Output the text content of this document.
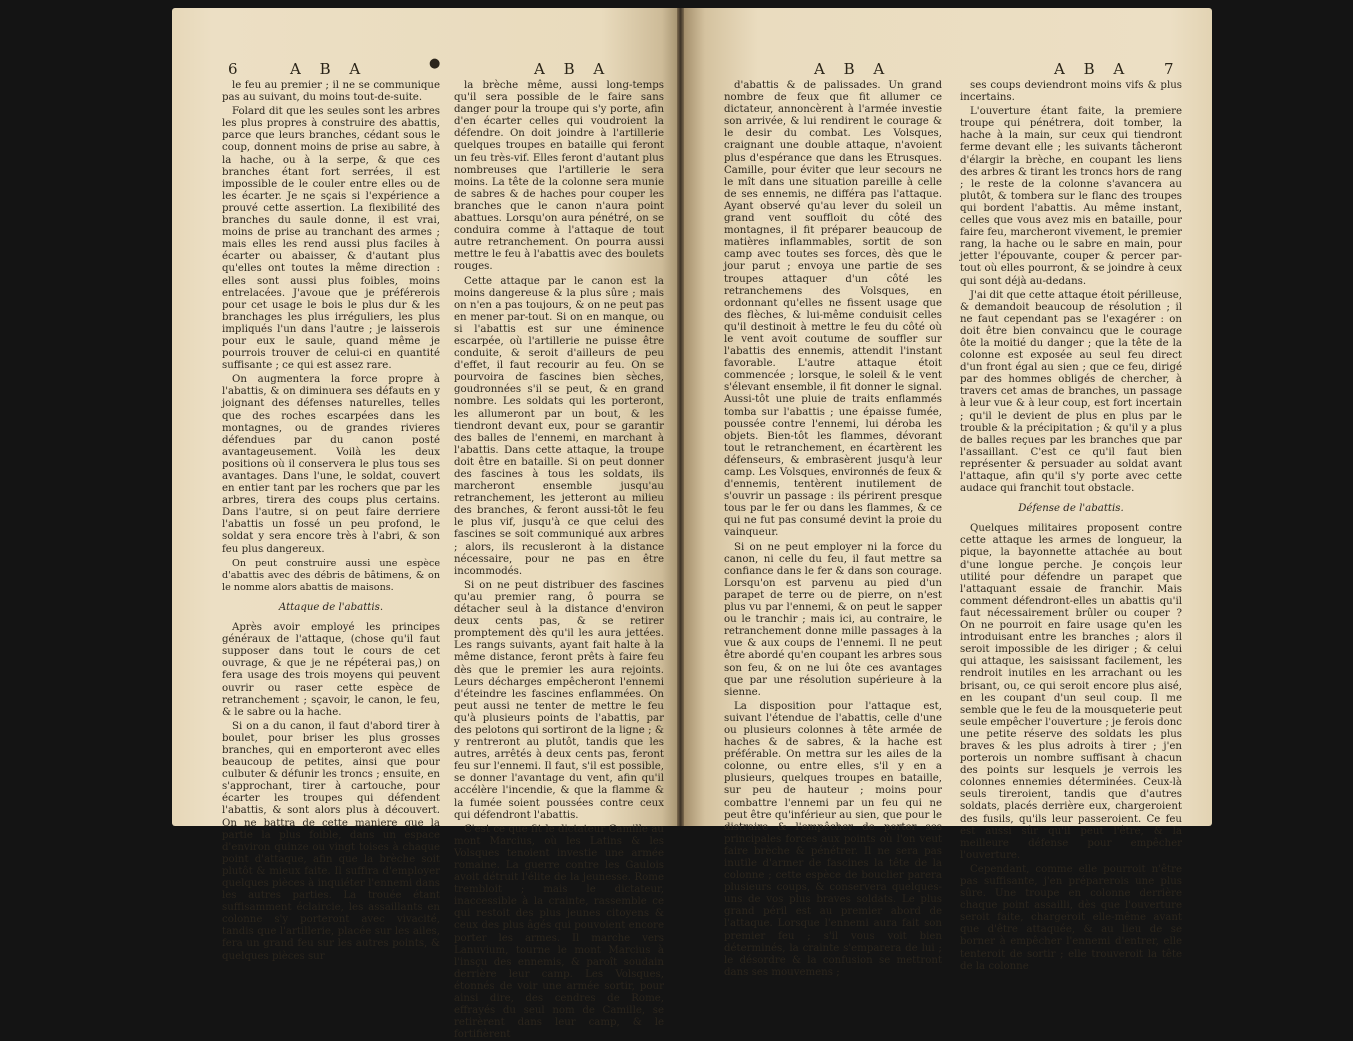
6	A B A	●	A B A

le feu au premier ; il ne se communique pas au suivant, du moins tout-de-suite.

Folard dit que les seules sont les arbres les plus propres à construire des abattis, parce que leurs branches, cédant sous le coup, donnent moins de prise au sabre, à la hache, ou à la serpe, & que ces branches étant fort serrées, il est impossible de le couler entre elles ou de les écarter. Je ne sçais si l'expérience a prouvé cette assertion. La flexibilité des branches du saule donne, il est vrai, moins de prise au tranchant des armes ; mais elles les rend aussi plus faciles à écarter ou abaisser, & d'autant plus qu'elles ont toutes la même direction : elles sont aussi plus foibles, moins entrelacées. J'avoue que je préférerois pour cet usage le bois le plus dur & les branchages les plus irréguliers, les plus impliqués l'un dans l'autre ; je laisserois pour eux le saule, quand même je pourrois trouver de celui-ci en quantité suffisante ; ce qui est assez rare.

On augmentera la force propre à l'abattis, & on diminuera ses défauts en y joignant des défenses naturelles, telles que des roches escarpées dans les montagnes, ou de grandes rivieres défendues par du canon posté avantageusement. Voilà les deux positions où il conservera le plus tous ses avantages. Dans l'une, le soldat, couvert en entier tant par les rochers que par les arbres, tirera des coups plus certains. Dans l'autre, si on peut faire derriere l'abattis un fossé un peu profond, le soldat y sera encore très à l'abri, & son feu plus dangereux.

On peut construire aussi une espèce d'abattis avec des débris de bâtimens, & on le nomme alors abattis de maisons.

Attaque de l'abattis.

Après avoir employé les principes généraux de l'attaque, (chose qu'il faut supposer dans tout le cours de cet ouvrage, & que je ne répéterai pas,) on fera usage des trois moyens qui peuvent ouvrir ou raser cette espèce de retranchement ; sçavoir, le canon, le feu, & le sabre ou la hache.

Si on a du canon, il faut d'abord tirer à boulet, pour briser les plus grosses branches, qui en emporteront avec elles beaucoup de petites, ainsi que pour culbuter & défunir les troncs ; ensuite, en s'approchant, tirer à cartouche, pour écarter les troupes qui défendent l'abattis, & sont alors plus à découvert. On ne battra de cette maniere que la partie la plus foible, dans un espace d'environ quinze ou vingt toises à chaque point d'attaque, afin que la brèche soit plutôt & mieux faite. Il suffira d'employer quelques pièces à inquiéter l'ennemi dans les autres parties. La trouée étant suffisamment éclaircie, les assaillants en colonne s'y porteront avec vivacité, tandis que l'artillerie, placée sur les ailes, fera un grand feu sur les autres points, & quelques pièces sur

la brèche même, aussi long-temps qu'il sera possible de le faire sans danger pour la troupe qui s'y porte, afin d'en écarter celles qui voudroient la défendre. On doit joindre à l'artillerie quelques troupes en bataille qui feront un feu très-vif. Elles feront d'autant plus nombreuses que l'artillerie le sera moins. La tête de la colonne sera munie de sabres & de haches pour couper les branches que le canon n'aura point abattues. Lorsqu'on aura pénétré, on se conduira comme à l'attaque de tout autre retranchement. On pourra aussi mettre le feu à l'abattis avec des boulets rouges.

Cette attaque par le canon est la moins dangereuse & la plus sûre ; mais on n'en a pas toujours, & on ne peut pas en mener par-tout. Si on en manque, ou si l'abattis est sur une éminence escarpée, où l'artillerie ne puisse être conduite, & seroit d'ailleurs de peu d'effet, il faut recourir au feu. On se pourvoira de fascines bien sèches, goudronnées s'il se peut, & en grand nombre. Les soldats qui les porteront, les allumeront par un bout, & les tiendront devant eux, pour se garantir des balles de l'ennemi, en marchant à l'abattis. Dans cette attaque, la troupe doit être en bataille. Si on peut donner des fascines à tous les soldats, ils marcheront ensemble jusqu'au retranchement, les jetteront au milieu des branches, & feront aussi-tôt le feu le plus vif, jusqu'à ce que celui des fascines se soit communiqué aux arbres ; alors, ils recusleront à la distance nécessaire, pour ne pas en être incommodés.

Si on ne peut distribuer des fascines qu'au premier rang, ô pourra se détacher seul à la distance d'environ deux cents pas, & se retirer promptement dès qu'il les aura jettées. Les rangs suivants, ayant fait halte à la même distance, feront prêts à faire feu dès que le premier les aura rejoints. Leurs décharges empêcheront l'ennemi d'éteindre les fascines enflammées. On peut aussi ne tenter de mettre le feu qu'à plusieurs points de l'abattis, par des pelotons qui sortiront de la ligne ; & y rentreront au plutôt, tandis que les autres, arrêtés à deux cents pas, feront feu sur l'ennemi. Il faut, s'il est possible, se donner l'avantage du vent, afin qu'il accélère l'incendie, & que la flamme & la fumée soient poussées contre ceux qui défendront l'abattis.

C'est ce que fit le dictateur Camille au mont Marcius, où les Latins & les Volsques tenoient investie une armée romaine. La guerre contre les Gaulois avoit détruit l'élite de la jeunesse. Rome trembloit ; mais le dictateur, inaccessible à la crainte, rassemble ce qui restoit des plus jeunes citoyens & ceux des plus âgés qui pouvoient encore porter les armes. Il marche vers Lanuvium, tourne le mont Marcius à l'insçu des ennemis, & paroît soudain derrière leur camp. Les Volsques, étonnés de voir une armée sortir, pour ainsi dire, des cendres de Rome, effrayés du seul nom de Camille, se retirèrent dans leur camp, & le fortifièrent

A B A	A B A 7

d'abattis & de palissades. Un grand nombre de feux que fit allumer ce dictateur, annoncèrent à l'armée investie son arrivée, & lui rendirent le courage & le desir du combat. Les Volsques, craignant une double attaque, n'avoient plus d'espérance que dans les Etrusques. Camille, pour éviter que leur secours ne le mît dans une situation pareille à celle de ses ennemis, ne différa pas l'attaque. Ayant observé qu'au lever du soleil un grand vent souffloit du côté des montagnes, il fit préparer beaucoup de matières inflammables, sortit de son camp avec toutes ses forces, dès que le jour parut ; envoya une partie de ses troupes attaquer d'un côté les retranchemens des Volsques, en ordonnant qu'elles ne fissent usage que des flèches, & lui-même conduisit celles qu'il destinoit à mettre le feu du côté où le vent avoit coutume de souffler sur l'abattis des ennemis, attendit l'instant favorable. L'autre attaque étoit commencée ; lorsque, le soleil & le vent s'élevant ensemble, il fit donner le signal. Aussi-tôt une pluie de traits enflammés tomba sur l'abattis ; une épaisse fumée, poussée contre l'ennemi, lui déroba les objets. Bien-tôt les flammes, dévorant tout le retranchement, en écartèrent les défenseurs, & embrasèrent jusqu'à leur camp. Les Volsques, environnés de feux & d'ennemis, tentèrent inutilement de s'ouvrir un passage : ils périrent presque tous par le fer ou dans les flammes, & ce qui ne fut pas consumé devint la proie du vainqueur.

Si on ne peut employer ni la force du canon, ni celle du feu, il faut mettre sa confiance dans le fer & dans son courage. Lorsqu'on est parvenu au pied d'un parapet de terre ou de pierre, on n'est plus vu par l'ennemi, & on peut le sapper ou le tranchir ; mais ici, au contraire, le retranchement donne mille passages à la vue & aux coups de l'ennemi. Il ne peut être abordé qu'en coupant les arbres sous son feu, & on ne lui ôte ces avantages que par une résolution supérieure à la sienne.

La disposition pour l'attaque est, suivant l'étendue de l'abattis, celle d'une ou plusieurs colonnes à tête armée de haches & de sabres, & la hache est préférable. On mettra sur les ailes de la colonne, ou entre elles, s'il y en a plusieurs, quelques troupes en bataille, sur peu de hauteur ; moins pour combattre l'ennemi par un feu qui ne peut être qu'inférieur au sien, que pour le distraire & l'empêcher de porter ses principales forces aux points où l'on veut faire brèche & pénétrer. Il ne sera pas inutile d'armer de fascines la tête de la colonne ; cette espèce de bouclier parera plusieurs coups, & conservera quelques-uns de vos plus braves soldats. Le plus grand péril est au premier abord de l'attaque. Lorsque l'ennemi aura fait son premier feu ; s'il vous voit bien déterminés, la crainte s'emparera de lui ; le désordre & la confusion se mettront dans ses mouvemens ;

ses coups deviendront moins vifs & plus incertains.

L'ouverture étant faite, la premiere troupe qui pénétrera, doit tomber, la hache à la main, sur ceux qui tiendront ferme devant elle ; les suivants tâcheront d'élargir la brèche, en coupant les liens des arbres & tirant les troncs hors de rang ; le reste de la colonne s'avancera au plutôt, & tombera sur le flanc des troupes qui bordent l'abattis. Au même instant, celles que vous avez mis en bataille, pour faire feu, marcheront vivement, le premier rang, la hache ou le sabre en main, pour jetter l'épouvante, couper & percer par-tout où elles pourront, & se joindre à ceux qui sont déjà au-dedans.

J'ai dit que cette attaque étoit périlleuse, & demandoit beaucoup de résolution ; il ne faut cependant pas se l'exagérer : on doit être bien convaincu que le courage ôte la moitié du danger ; que la tête de la colonne est exposée au seul feu direct d'un front égal au sien ; que ce feu, dirigé par des hommes obligés de chercher, à travers cet amas de branches, un passage à leur vue & à leur coup, est fort incertain ; qu'il le devient de plus en plus par le trouble & la précipitation ; & qu'il y a plus de balles reçues par les branches que par l'assaillant. C'est ce qu'il faut bien représenter & persuader au soldat avant l'attaque, afin qu'il s'y porte avec cette audace qui franchit tout obstacle.

Défense de l'abattis.

Quelques militaires proposent contre cette attaque les armes de longueur, la pique, la bayonnette attachée au bout d'une longue perche. Je conçois leur utilité pour défendre un parapet que l'attaquant essaie de franchir. Mais comment défendront-elles un abattis qu'il faut nécessairement brûler ou couper ? On ne pourroit en faire usage qu'en les introduisant entre les branches ; alors il seroit impossible de les diriger ; & celui qui attaque, les saisissant facilement, les rendroit inutiles en les arrachant ou les brisant, ou, ce qui seroit encore plus aisé, en les coupant d'un seul coup. Il me semble que le feu de la mousqueterie peut seule empêcher l'ouverture ; je ferois donc une petite réserve des soldats les plus braves & les plus adroits à tirer ; j'en porterois un nombre suffisant à chacun des points sur lesquels je verrois les colonnes ennemies déterminées. Ceux-là seuls tireroient, tandis que d'autres soldats, placés derrière eux, chargeroient des fusils, qu'ils leur passeroient. Ce feu est aussi sûr qu'il peut l'être, & la meilleure défense pour empêcher l'ouverture.

Cependant, comme elle pourroit n'être pas suffisante, j'en préparerois une plus sûre. Une troupe en colonne derrière chaque point assailli, dès que l'ouverture seroit faite, chargeroit elle-même avant que d'être attaquée, & au lieu de se borner à empêcher l'ennemi d'entrer, elle tenteroit de sortir ; elle trouveroit la tête de la colonne
